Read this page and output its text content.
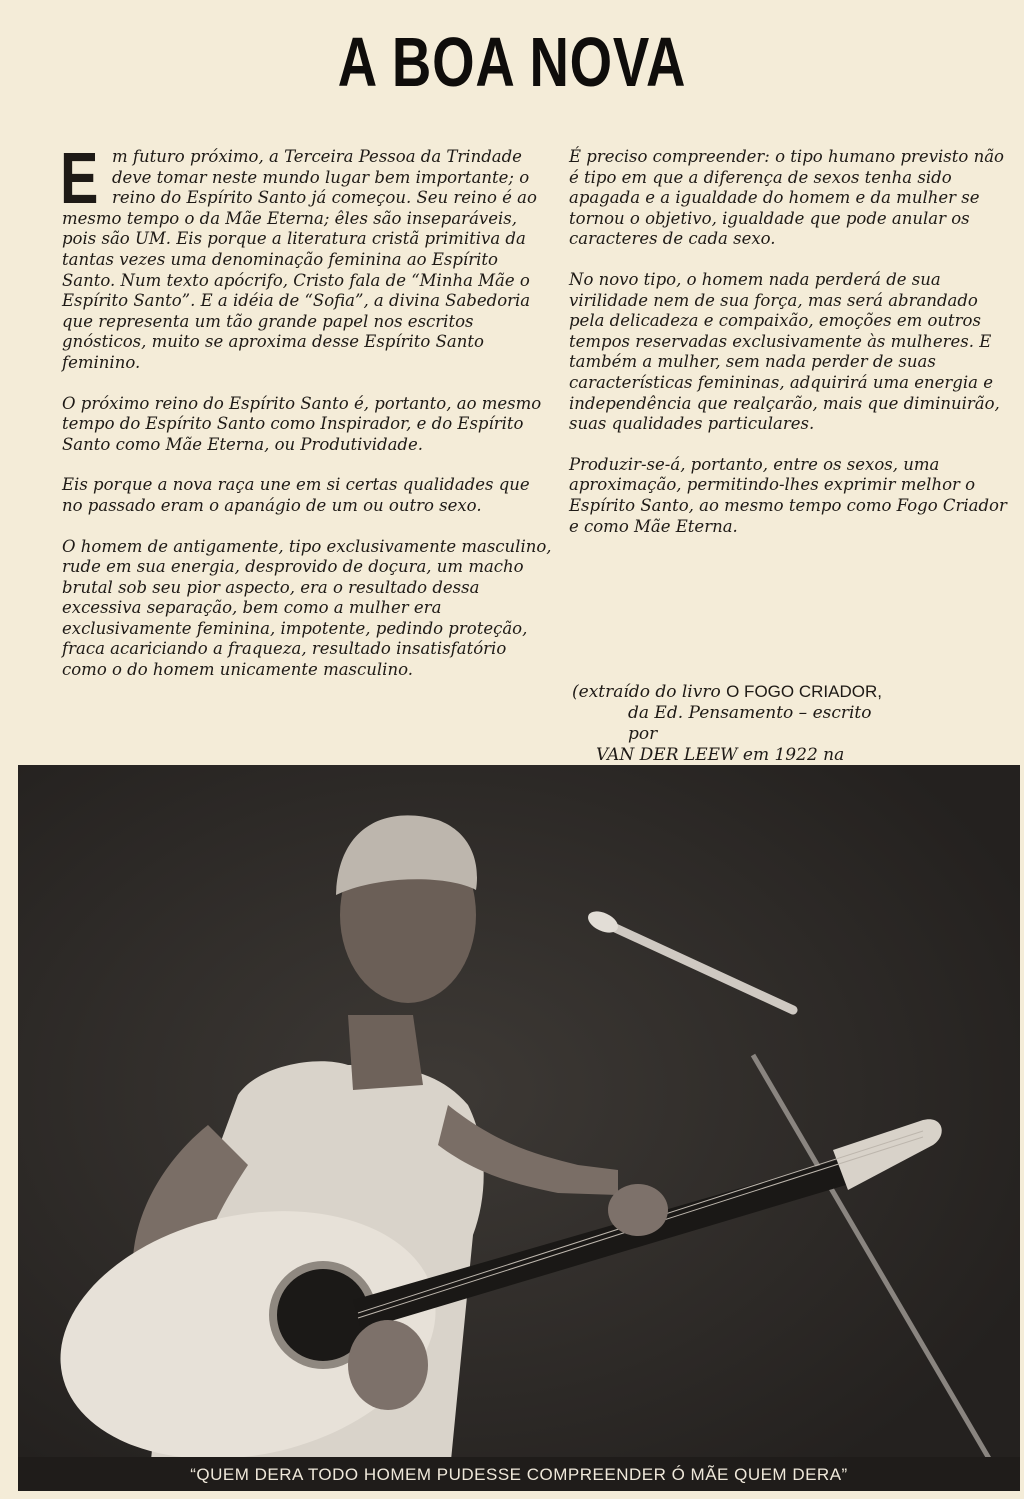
A BOA NOVA

Em futuro próximo, a Terceira Pessoa da Trindade deve tomar neste mundo lugar bem importante; o reino do Espírito Santo já começou. Seu reino é ao mesmo tempo o da Mãe Eterna; êles são inseparáveis, pois são UM. Eis porque a literatura cristã primitiva da tantas vezes uma denominação feminina ao Espírito Santo. Num texto apócrifo, Cristo fala de “Minha Mãe o Espírito Santo”. E a idéia de “Sofia”, a divina Sabedoria que representa um tão grande papel nos escritos gnósticos, muito se aproxima desse Espírito Santo feminino.

O próximo reino do Espírito Santo é, portanto, ao mesmo tempo do Espírito Santo como Inspirador, e do Espírito Santo como Mãe Eterna, ou Produtividade.

Eis porque a nova raça une em si certas qualidades que no passado eram o apanágio de um ou outro sexo.

O homem de antigamente, tipo exclusivamente masculino, rude em sua energia, desprovido de doçura, um macho brutal sob seu pior aspecto, era o resultado dessa excessiva separação, bem como a mulher era exclusivamente feminina, impotente, pedindo proteção, fraca acariciando a fraqueza, resultado insatisfatório como o do homem unicamente masculino.

É preciso compreender: o tipo humano previsto não é tipo em que a diferença de sexos tenha sido apagada e a igualdade do homem e da mulher se tornou o objetivo, igualdade que pode anular os caracteres de cada sexo.

No novo tipo, o homem nada perderá de sua virilidade nem de sua força, mas será abrandado pela delicadeza e compaixão, emoções em outros tempos reservadas exclusivamente às mulheres. E também a mulher, sem nada perder de suas características femininas, adquirirá uma energia e independência que realçarão, mais que diminuirão, suas qualidades particulares.

Produzir-se-á, portanto, entre os sexos, uma aproximação, permitindo-lhes exprimir melhor o Espírito Santo, ao mesmo tempo como Fogo Criador e como Mãe Eterna.

(extraído do livro O FOGO CRIADOR,
da Ed. Pensamento – escrito por
VAN DER LEEW em 1922 na
“QUEM DERA TODO HOMEM PUDESSE COMPREENDER Ó MÃE QUEM DERA”
